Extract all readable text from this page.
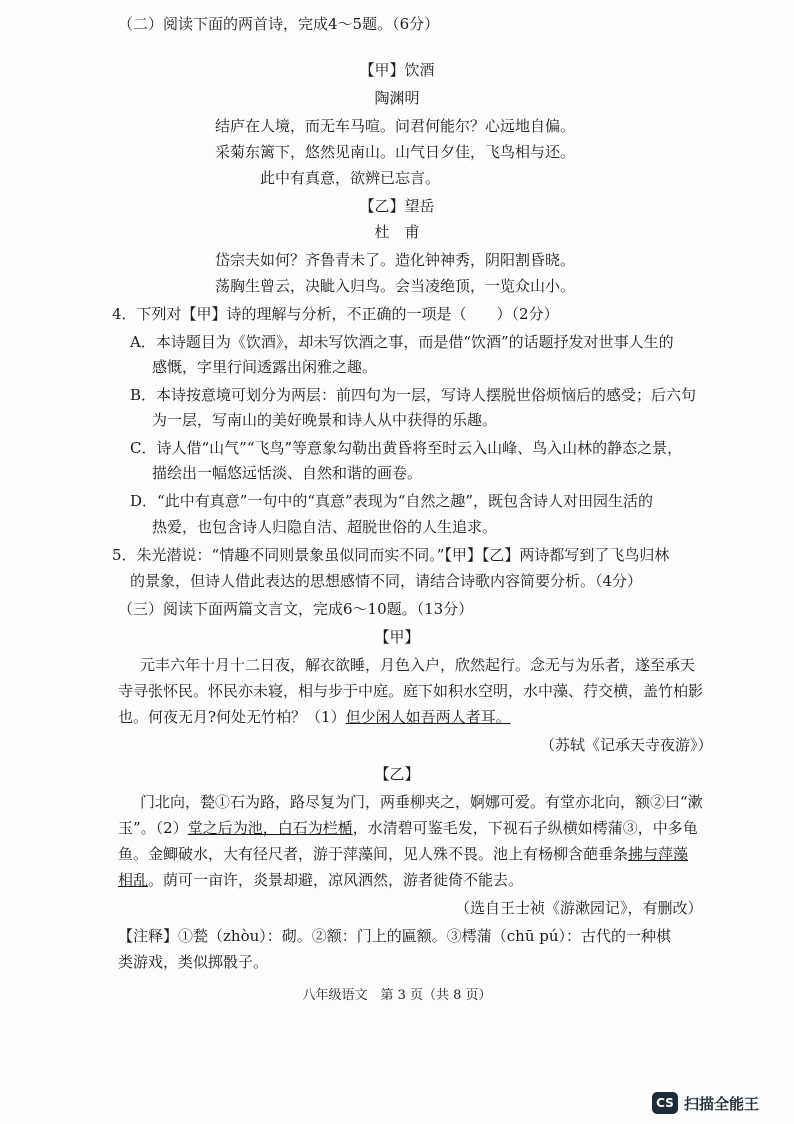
（二）阅读下面的两首诗，完成4～5题。（6分）
【甲】饮酒
陶渊明
结庐在人境，而无车马喧。问君何能尔？心远地自偏。
采菊东篱下，悠然见南山。山气日夕佳，飞鸟相与还。
此中有真意，欲辨已忘言。
【乙】望岳
杜　甫
岱宗夫如何？齐鲁青未了。造化钟神秀，阴阳割昏晓。
荡胸生曾云，决眦入归鸟。会当凌绝顶，一览众山小。
4．下列对【甲】诗的理解与分析，不正确的一项是（　　）（2分）
A．本诗题目为《饮酒》，却未写饮酒之事，而是借“饮酒”的话题抒发对世事人生的
感慨，字里行间透露出闲雅之趣。
B．本诗按意境可划分为两层：前四句为一层，写诗人摆脱世俗烦恼后的感受；后六句
为一层，写南山的美好晚景和诗人从中获得的乐趣。
C．诗人借“山气”“飞鸟”等意象勾勒出黄昏将至时云入山峰、鸟入山林的静态之景，
描绘出一幅悠远恬淡、自然和谐的画卷。
D．“此中有真意”一句中的“真意”表现为“自然之趣”，既包含诗人对田园生活的
热爱，也包含诗人归隐自洁、超脱世俗的人生追求。
5．朱光潜说：“情趣不同则景象虽似同而实不同。”【甲】【乙】两诗都写到了飞鸟归林
的景象，但诗人借此表达的思想感情不同，请结合诗歌内容简要分析。（4分）
（三）阅读下面两篇文言文，完成6～10题。（13分）
【甲】
元丰六年十月十二日夜，解衣欲睡，月色入户，欣然起行。念无与为乐者，遂至承天
寺寻张怀民。怀民亦未寝，相与步于中庭。庭下如积水空明，水中藻、荇交横，盖竹柏影
也。何夜无月?何处无竹柏？（1）但少闲人如吾两人者耳。
（苏轼《记承天寺夜游》）
【乙】
门北向，甃①石为路，路尽复为门，两垂柳夹之，婀娜可爱。有堂亦北向，额②曰“漱
玉”。（2）堂之后为池，白石为栏楯，水清碧可鉴毛发，下视石子纵横如樗蒲③，中多龟
鱼。金鲫破水，大有径尺者，游于萍藻间，见人殊不畏。池上有杨柳含葩垂条拂与萍藻
相乱。荫可一亩许，炎景却避，凉风洒然，游者徙倚不能去。
（选自王士祯《游漱园记》，有删改）
【注释】①甃（zhòu）：砌。②额：门上的匾额。③樗蒲（chū pú）：古代的一种棋
类游戏，类似掷骰子。
八年级语文　第 3 页（共 8 页）
CS 扫描全能王
